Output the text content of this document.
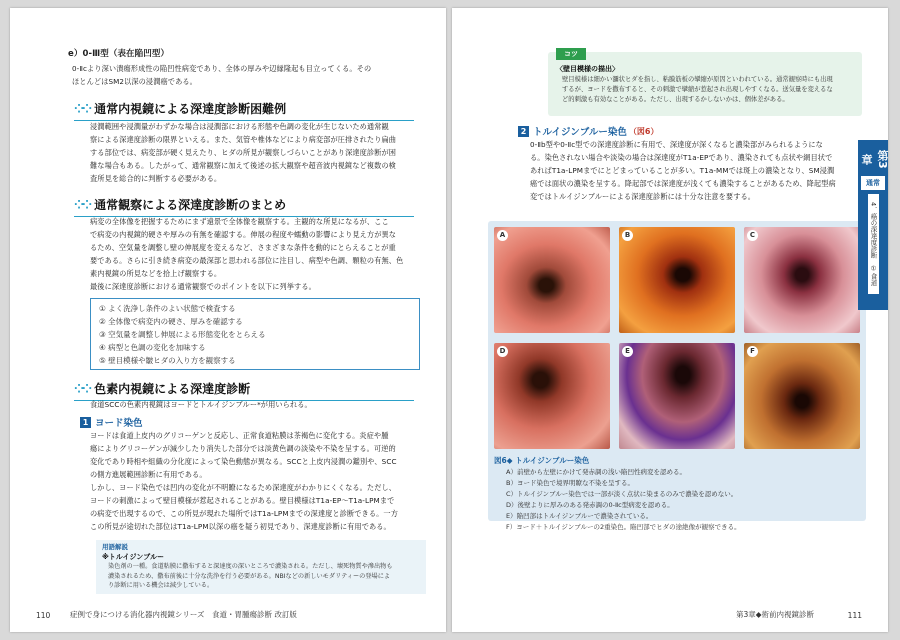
e）0-Ⅲ型（表在陥凹型）
0-Ⅱcより深い潰瘍形成性の陥凹性病変であり、全体の厚みや辺縁隆起も目立ってくる。その
ほとんどはSM2以深の浸潤癌である。
⁘⁘ 通常内視鏡による深達度診断困難例
浸潤範囲や浸潤量がわずかな場合は浸潤部における形態や色調の変化が生じないため通常観
察による深達度診断の限界といえる。また、気管や椎体などにより病変部が圧排されたり扁曲
する部位では、病変部が硬く見えたり、ヒダの所見が観察しづらいことがあり深達度診断が困
難な場合もある。したがって、通常観察に加えて後述の拡大観察や超音波内視鏡など複数の検
査所見を総合的に判断する必要がある。
⁘⁘ 通常観察による深達度診断のまとめ
病変の全体像を把握するためにまず遠景で全体像を観察する。主観的な所見になるが、ここ
で病変の内視鏡的硬さや厚みの有無を確認する。伸展の程度や蠕動の影響により見え方が異な
るため、空気量を調整し壁の伸展度を変えるなど、さまざまな条件を動的にとらえることが重
要である。さらに引き続き病変の最深部と思われる部位に注目し、病型や色調、顆粒の有無、色
素内視鏡の所見などを拾上げ観察する。
最後に深達度診断における通常観察でのポイントを以下に列挙する。
① よく洗浄し条件のよい状態で検査する
② 全体像で病変内の硬さ、厚みを確認する
③ 空気量を調整し伸展による形態変化をとらえる
④ 病型と色調の変化を加味する
⑤ 壁目模様や皺ヒダの入り方を観察する
⁘⁘ 色素内視鏡による深達度診断
食道SCCの色素内視鏡はヨードとトルイジンブルー*が用いられる。
1 ヨード染色
ヨードは食道上皮内のグリコーゲンと反応し、正常食道粘膜は茶褐色に変化する。炎症や腫
瘍によりグリコーゲンが減少したり消失した部分では淡黄色調の淡染や不染を呈する。可逆的
変化であり時相や組織の分化度によって染色動態が異なる。SCCと上皮内浸潤の鑑別や、SCC
の側方進展範囲診断に有用である。
しかし、ヨード染色では凹内の変化が不明瞭になるため深達度がわかりにくくなる。ただし、
ヨードの刺激によって壁目模様が惹起されることがある。壁目模様はT1a-EP～T1a-LPMまで
の病変で出現するので、この所見が現れた場所ではT1a-LPMまでの深達度と診断できる。一方
この所見が途切れた部位はT1a-LPM以深の癌を疑う初見であり、深達度診断に有用である。
用語解説
※トルイジンブルー
染色剤の一種。食道粘膜に撒布すると深達度の深いところで濃染される。ただし、壊死物質や滲出物も
濃染されるため、撒布前後に十分な洗浄を行う必要がある。NBIなどの新しいモダリティーの登場によ
り診断に用いる機会は減少している。
110	症例で身につける消化器内視鏡シリーズ　食道・胃腫瘍診断 改訂版
コツ
〈壁目模様の描出〉
壁目模様は細かい瀰状ヒダを指し、粘膜筋板の攣縮が原因といわれている。通常観察時にも出現
するが、ヨードを撒布すると、その刺激で攣縮が惹起され出現しやすくなる。送気量を変えるな
ど的刺激も有効なことがある。ただし、出現するかしないかは、個体差がある。
2 トルイジンブルー染色 （図6）
0-Ⅱb型や0-Ⅱc型での深達度診断に有用で、深達度が深くなると濃染部がみられるようにな
る。染色されない場合や淡染の場合は深達度がT1a-EPであり、濃染されても点状や網目状で
あればT1a-LPMまでにとどまっていることが多い。T1a-MMでは斑上の濃染となり、SM浸潤
癌では面状の濃染を呈する。降起部では深達度が浅くても濃染することがあるため、降起型病
変ではトルイジンブルーによる深達度診断には十分な注意を要する。
A	B	C
D	E	F
図6◆ トルイジンブルー染色
A）前壁から左壁にかけて発赤調の浅い陥凹性病変を認める。
B）ヨード染色で境界明瞭な不染を呈する。
C）トルイジンブルー染色では一部が淡く点状に染まるのみで濃染を認めない。
D）後壁よりに厚みのある発赤調の0-Ⅱc型病変を認める。
E）陥凹部はトルイジンブルーで濃染されている。
F）ヨード＋トルイジンブルーの2重染色。陥凹部でヒダの途絶像が観察できる。
第3章
通常
4．癌の深達度診断　①食道
第3章◆術前内視鏡診断	111
